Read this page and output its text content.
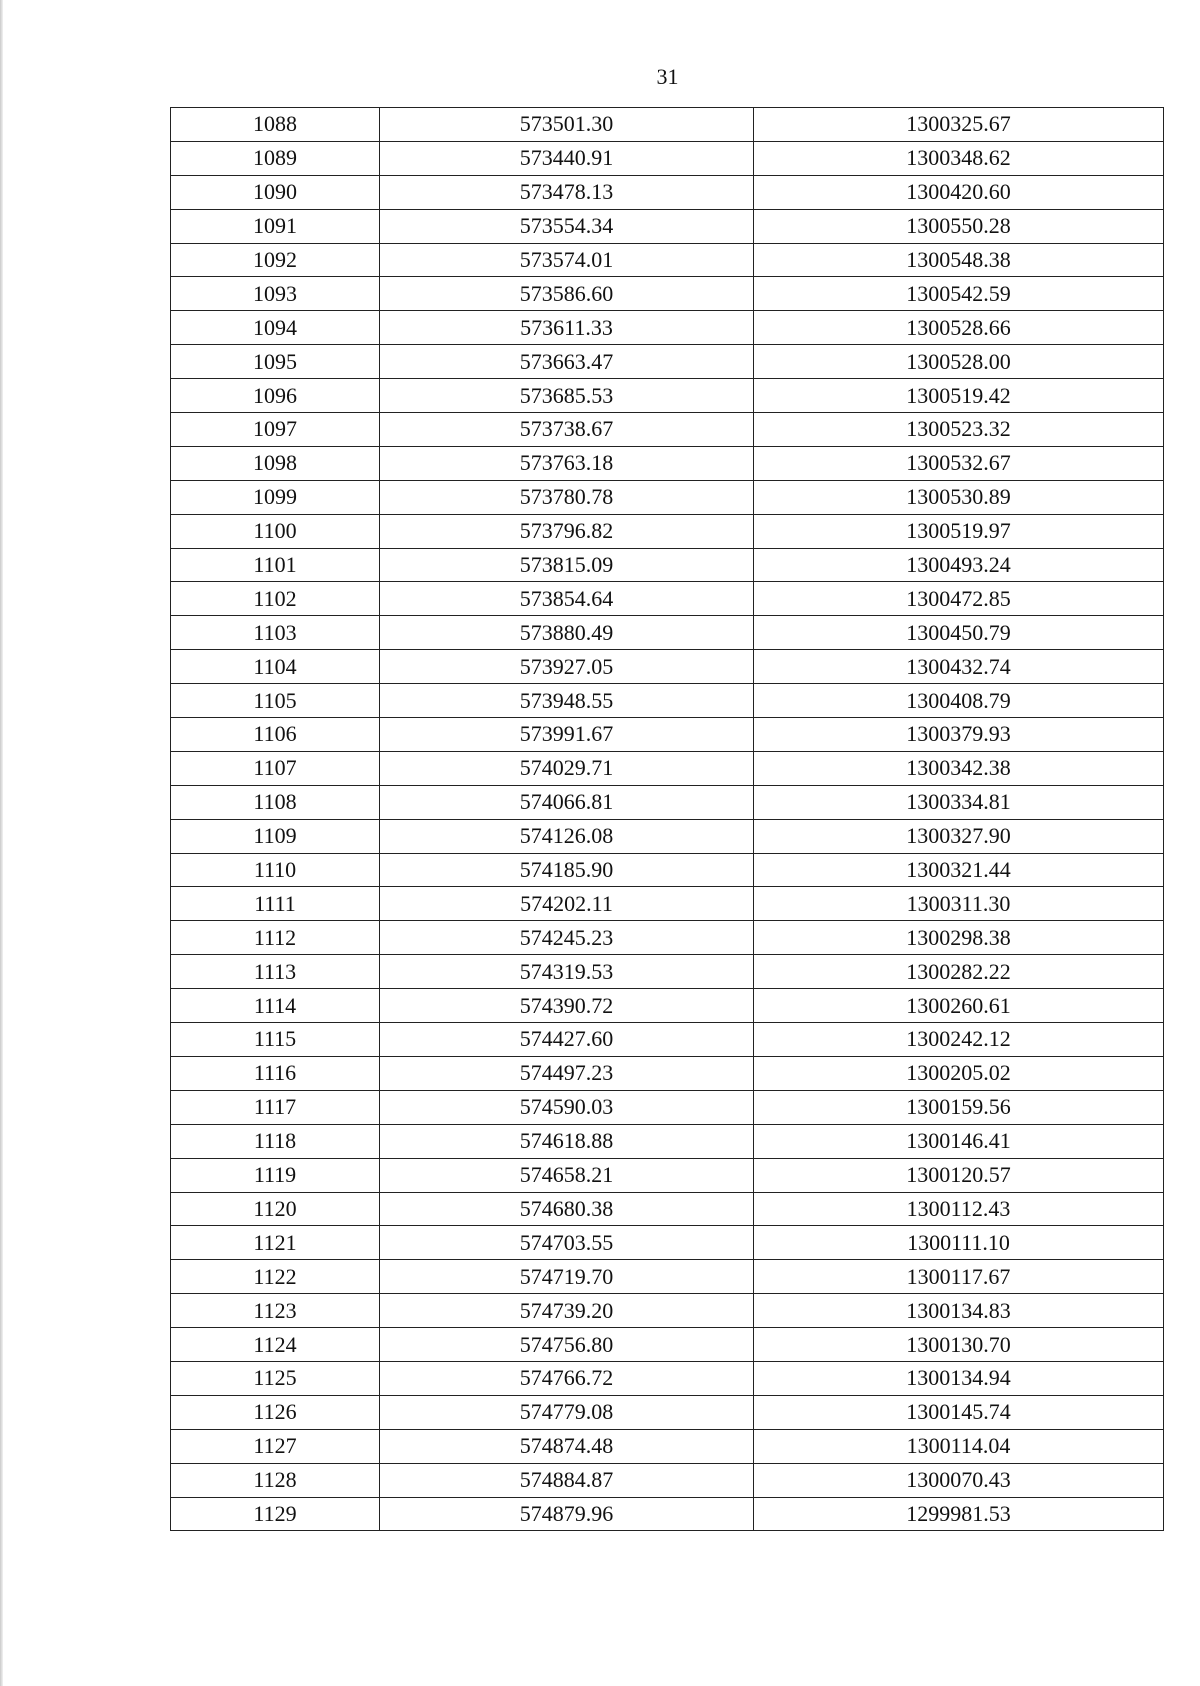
31
1088	573501.30	1300325.67
1089	573440.91	1300348.62
1090	573478.13	1300420.60
1091	573554.34	1300550.28
1092	573574.01	1300548.38
1093	573586.60	1300542.59
1094	573611.33	1300528.66
1095	573663.47	1300528.00
1096	573685.53	1300519.42
1097	573738.67	1300523.32
1098	573763.18	1300532.67
1099	573780.78	1300530.89
1100	573796.82	1300519.97
1101	573815.09	1300493.24
1102	573854.64	1300472.85
1103	573880.49	1300450.79
1104	573927.05	1300432.74
1105	573948.55	1300408.79
1106	573991.67	1300379.93
1107	574029.71	1300342.38
1108	574066.81	1300334.81
1109	574126.08	1300327.90
1110	574185.90	1300321.44
1111	574202.11	1300311.30
1112	574245.23	1300298.38
1113	574319.53	1300282.22
1114	574390.72	1300260.61
1115	574427.60	1300242.12
1116	574497.23	1300205.02
1117	574590.03	1300159.56
1118	574618.88	1300146.41
1119	574658.21	1300120.57
1120	574680.38	1300112.43
1121	574703.55	1300111.10
1122	574719.70	1300117.67
1123	574739.20	1300134.83
1124	574756.80	1300130.70
1125	574766.72	1300134.94
1126	574779.08	1300145.74
1127	574874.48	1300114.04
1128	574884.87	1300070.43
1129	574879.96	1299981.53
